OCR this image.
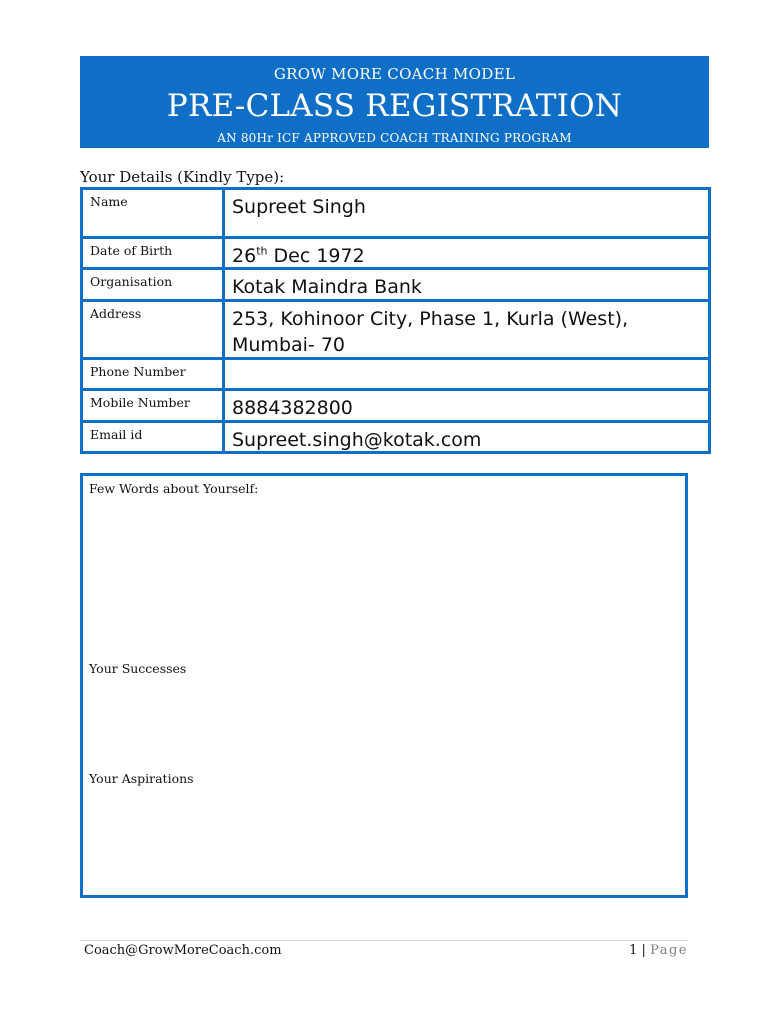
GROW MORE COACH MODEL
PRE-CLASS REGISTRATION
AN 80Hr ICF APPROVED COACH TRAINING PROGRAM
Your Details (Kindly Type):
Name	Supreet Singh
Date of Birth	26th Dec 1972
Organisation	Kotak Maindra Bank
Address	253, Kohinoor City, Phase 1, Kurla (West),
Mumbai- 70
Phone Number
Mobile Number	8884382800
Email id	Supreet.singh@kotak.com
Few Words about Yourself:
Your Successes
Your Aspirations
Coach@GrowMoreCoach.com	1 | Page
